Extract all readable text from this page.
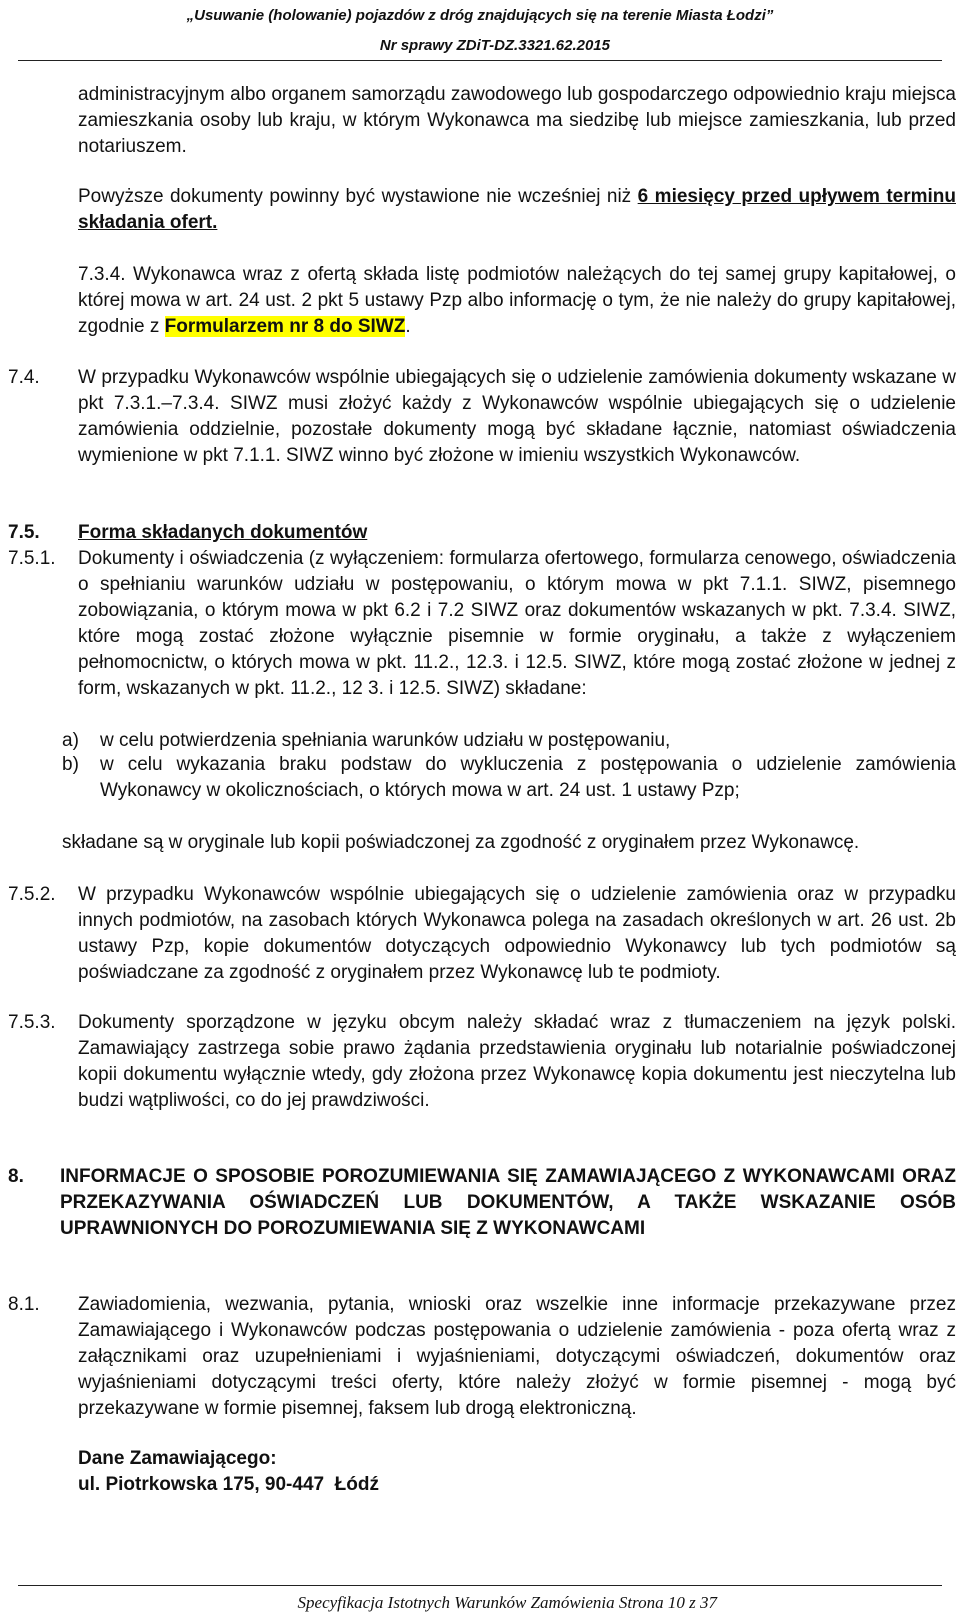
„Usuwanie (holowanie) pojazdów z dróg znajdujących się na terenie Miasta Łodzi”
Nr sprawy ZDiT-DZ.3321.62.2015

administracyjnym albo organem samorządu zawodowego lub gospodarczego odpowiednio kraju miejsca zamieszkania osoby lub kraju, w którym Wykonawca ma siedzibę lub miejsce zamieszkania, lub przed notariuszem.

Powyższe dokumenty powinny być wystawione nie wcześniej niż 6 miesięcy przed upływem terminu składania ofert.

7.3.4. Wykonawca wraz z ofertą składa listę podmiotów należących do tej samej grupy kapitałowej, o której mowa w art. 24 ust. 2 pkt 5 ustawy Pzp albo informację o tym, że nie należy do grupy kapitałowej, zgodnie z Formularzem nr 8 do SIWZ.

7.4. W przypadku Wykonawców wspólnie ubiegających się o udzielenie zamówienia dokumenty wskazane w pkt 7.3.1.–7.3.4. SIWZ musi złożyć każdy z Wykonawców wspólnie ubiegających się o udzielenie zamówienia oddzielnie, pozostałe dokumenty mogą być składane łącznie, natomiast oświadczenia wymienione w pkt 7.1.1. SIWZ winno być złożone w imieniu wszystkich Wykonawców.
7.5. Forma składanych dokumentów
7.5.1. Dokumenty i oświadczenia (z wyłączeniem: formularza ofertowego, formularza cenowego, oświadczenia o spełnianiu warunków udziału w postępowaniu, o którym mowa w pkt 7.1.1. SIWZ, pisemnego zobowiązania, o którym mowa w pkt 6.2 i 7.2 SIWZ oraz dokumentów wskazanych w pkt. 7.3.4. SIWZ, które mogą zostać złożone wyłącznie pisemnie w formie oryginału, a także z wyłączeniem pełnomocnictw, o których mowa w pkt. 11.2., 12.3. i 12.5. SIWZ, które mogą zostać złożone w jednej z form, wskazanych w pkt. 11.2., 12 3. i 12.5. SIWZ) składane:

a) w celu potwierdzenia spełniania warunków udziału w postępowaniu,
b) w celu wykazania braku podstaw do wykluczenia z postępowania o udzielenie zamówienia Wykonawcy w okolicznościach, o których mowa w art. 24 ust. 1 ustawy Pzp;
składane są w oryginale lub kopii poświadczonej za zgodność z oryginałem przez Wykonawcę.
7.5.2. W przypadku Wykonawców wspólnie ubiegających się o udzielenie zamówienia oraz w przypadku innych podmiotów, na zasobach których Wykonawca polega na zasadach określonych w art. 26 ust. 2b ustawy Pzp, kopie dokumentów dotyczących odpowiednio Wykonawcy lub tych podmiotów są poświadczane za zgodność z oryginałem przez Wykonawcę lub te podmioty.
7.5.3. Dokumenty sporządzone w języku obcym należy składać wraz z tłumaczeniem na język polski. Zamawiający zastrzega sobie prawo żądania przedstawienia oryginału lub notarialnie poświadczonej kopii dokumentu wyłącznie wtedy, gdy złożona przez Wykonawcę kopia dokumentu jest nieczytelna lub budzi wątpliwości, co do jej prawdziwości.
8. INFORMACJE O SPOSOBIE POROZUMIEWANIA SIĘ ZAMAWIAJĄCEGO Z WYKONAWCAMI ORAZ PRZEKAZYWANIA OŚWIADCZEŃ LUB DOKUMENTÓW, A TAKŻE WSKAZANIE OSÓB UPRAWNIONYCH DO POROZUMIEWANIA SIĘ Z WYKONAWCAMI
8.1. Zawiadomienia, wezwania, pytania, wnioski oraz wszelkie inne informacje przekazywane przez Zamawiającego i Wykonawców podczas postępowania o udzielenie zamówienia - poza ofertą wraz z załącznikami oraz uzupełnieniami i wyjaśnieniami, dotyczącymi oświadczeń, dokumentów oraz wyjaśnieniami dotyczącymi treści oferty, które należy złożyć w formie pisemnej - mogą być przekazywane w formie pisemnej, faksem lub drogą elektroniczną.
Dane Zamawiającego:
ul. Piotrkowska 175, 90-447  Łódź
Specyfikacja Istotnych Warunków Zamówienia Strona 10 z 37
